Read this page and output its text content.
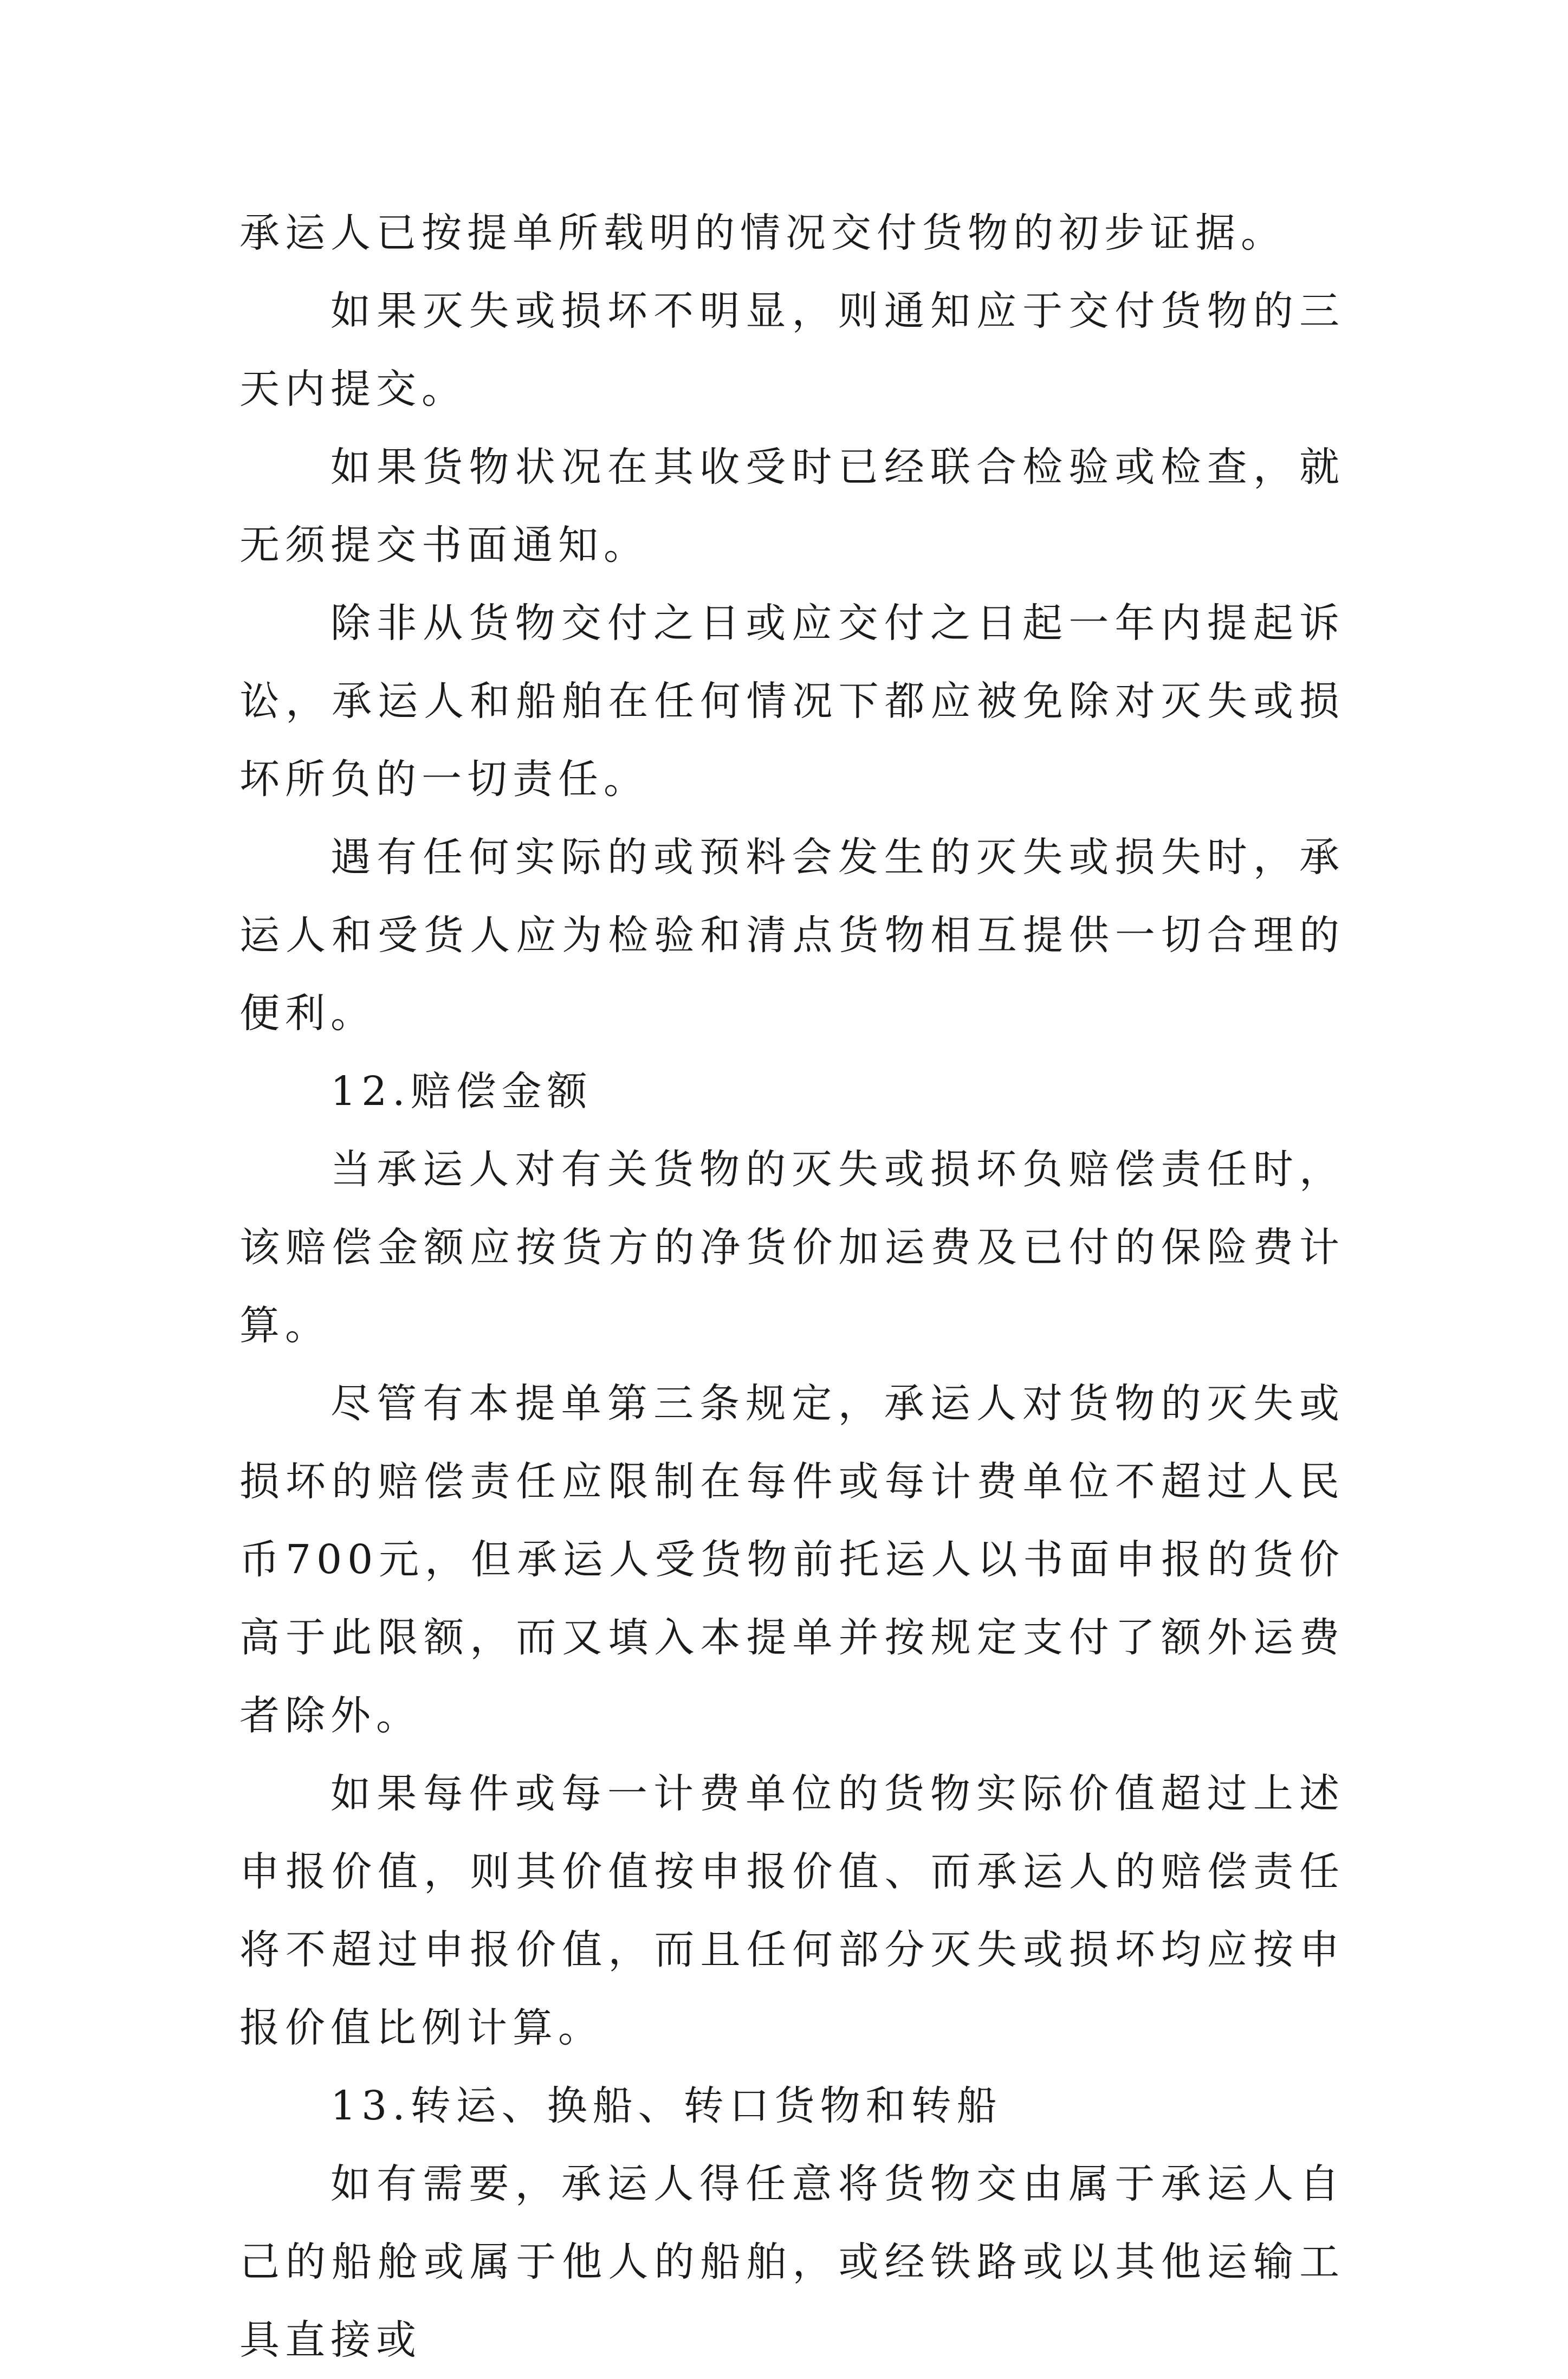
承运人已按提单所载明的情况交付货物的初步证据。

如果灭失或损坏不明显，则通知应于交付货物的三天内提交。

如果货物状况在其收受时已经联合检验或检查，就无须提交书面通知。

除非从货物交付之日或应交付之日起一年内提起诉讼，承运人和船舶在任何情况下都应被免除对灭失或损坏所负的一切责任。

遇有任何实际的或预料会发生的灭失或损失时，承运人和受货人应为检验和清点货物相互提供一切合理的便利。

12.赔偿金额

当承运人对有关货物的灭失或损坏负赔偿责任时，该赔偿金额应按货方的净货价加运费及已付的保险费计算。

尽管有本提单第三条规定，承运人对货物的灭失或损坏的赔偿责任应限制在每件或每计费单位不超过人民币700元，但承运人受货物前托运人以书面申报的货价高于此限额，而又填入本提单并按规定支付了额外运费者除外。

如果每件或每一计费单位的货物实际价值超过上述申报价值，则其价值按申报价值、而承运人的赔偿责任将不超过申报价值，而且任何部分灭失或损坏均应按申报价值比例计算。

13.转运、换船、转口货物和转船

如有需要，承运人得任意将货物交由属于承运人自己的船舱或属于他人的船舶，或经铁路或以其他运输工具直接或
